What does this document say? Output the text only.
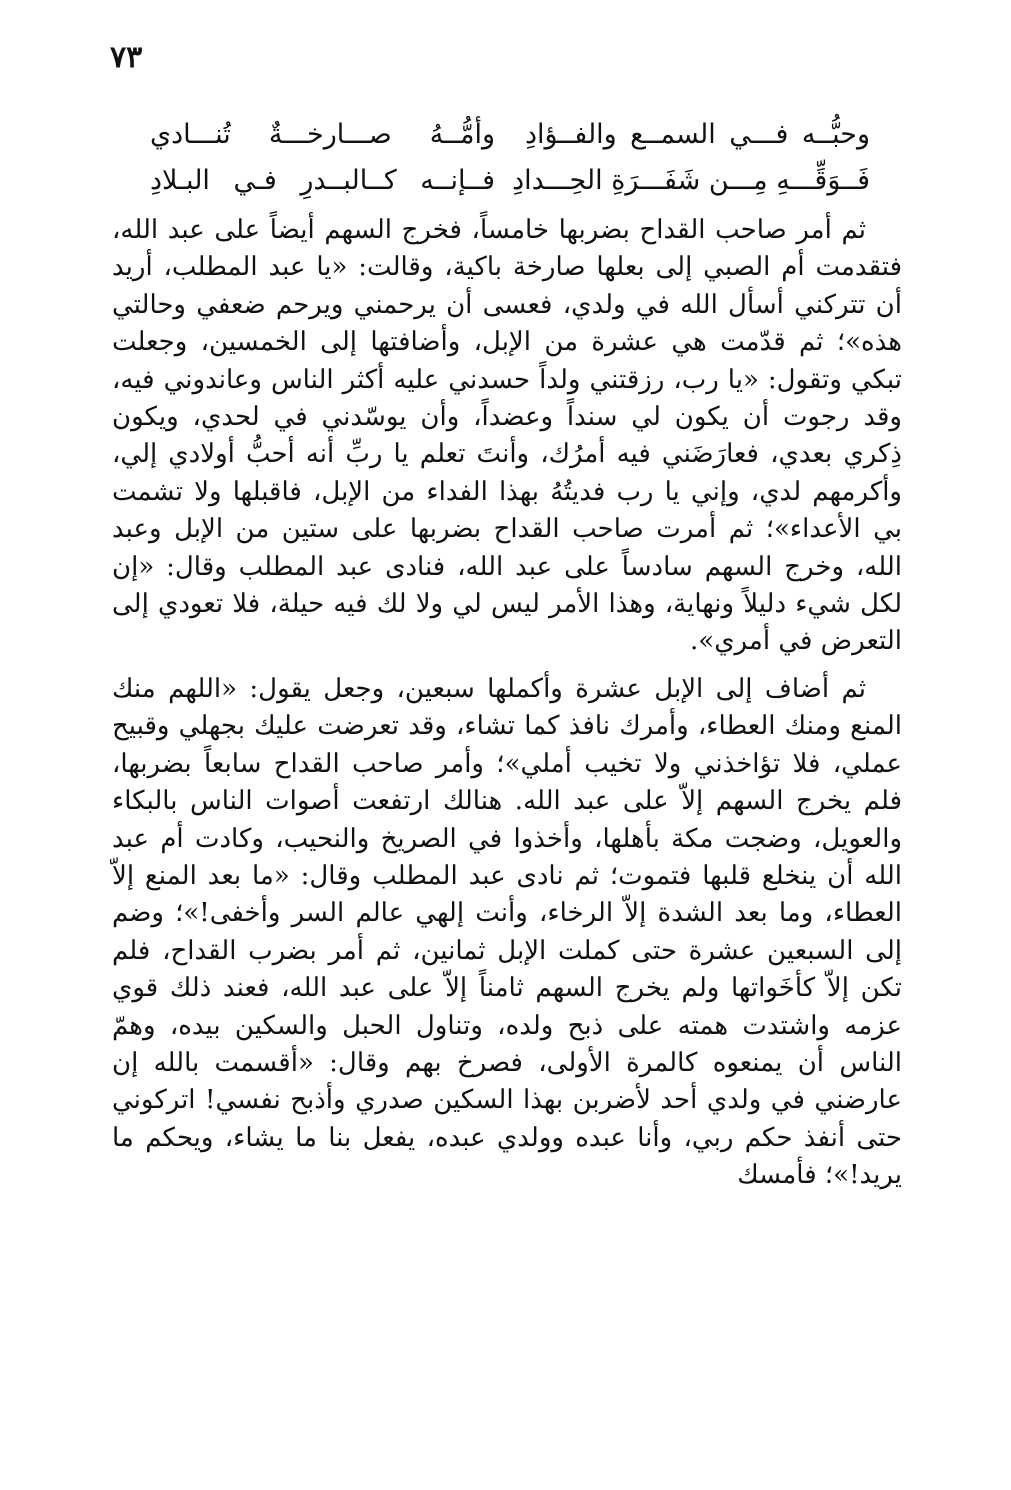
٧٣
وحبُّــه فـــي السمــع والفــؤادِ
وأمُّــهُ صـــارخـــةٌ تُنـــادي
فَــوَقِّـــهِ مِـــن شَفَـــرَةِ الحِـــدادِ
فــإنــه كــالبــدرِ فـي البـلادِ

ثم أمر صاحب القداح بضربها خامساً، فخرج السهم أيضاً على عبد الله، فتقدمت أم الصبي إلى بعلها صارخة باكية، وقالت: «يا عبد المطلب، أريد أن تتركني أسأل الله في ولدي، فعسى أن يرحمني ويرحم ضعفي وحالتي هذه»؛ ثم قدّمت هي عشرة من الإبل، وأضافتها إلى الخمسين، وجعلت تبكي وتقول: «يا رب، رزقتني ولداً حسدني عليه أكثر الناس وعاندوني فيه، وقد رجوت أن يكون لي سنداً وعضداً، وأن يوسّدني في لحدي، ويكون ذِكري بعدي، فعارَضَني فيه أمرُك، وأنتَ تعلم يا ربِّ أنه أحبُّ أولادي إلي، وأكرمهم لدي، وإني يا رب فديتُهُ بهذا الفداء من الإبل، فاقبلها ولا تشمت بي الأعداء»؛ ثم أمرت صاحب القداح بضربها على ستين من الإبل وعبد الله، وخرج السهم سادساً على عبد الله، فنادى عبد المطلب وقال: «إن لكل شيء دليلاً ونهاية، وهذا الأمر ليس لي ولا لك فيه حيلة، فلا تعودي إلى التعرض في أمري».

ثم أضاف إلى الإبل عشرة وأكملها سبعين، وجعل يقول: «اللهم منك المنع ومنك العطاء، وأمرك نافذ كما تشاء، وقد تعرضت عليك بجهلي وقبيح عملي، فلا تؤاخذني ولا تخيب أملي»؛ وأمر صاحب القداح سابعاً بضربها، فلم يخرج السهم إلاّ على عبد الله. هنالك ارتفعت أصوات الناس بالبكاء والعويل، وضجت مكة بأهلها، وأخذوا في الصريخ والنحيب، وكادت أم عبد الله أن ينخلع قلبها فتموت؛ ثم نادى عبد المطلب وقال: «ما بعد المنع إلاّ العطاء، وما بعد الشدة إلاّ الرخاء، وأنت إلهي عالم السر وأخفى!»؛ وضم إلى السبعين عشرة حتى كملت الإبل ثمانين، ثم أمر بضرب القداح، فلم تكن إلاّ كأخَواتها ولم يخرج السهم ثامناً إلاّ على عبد الله، فعند ذلك قوي عزمه واشتدت همته على ذبح ولده، وتناول الحبل والسكين بيده، وهمّ الناس أن يمنعوه كالمرة الأولى، فصرخ بهم وقال: «أقسمت بالله إن عارضني في ولدي أحد لأضربن بهذا السكين صدري وأذبح نفسي! اتركوني حتى أنفذ حكم ربي، وأنا عبده وولدي عبده، يفعل بنا ما يشاء، ويحكم ما يريد!»؛ فأمسك
